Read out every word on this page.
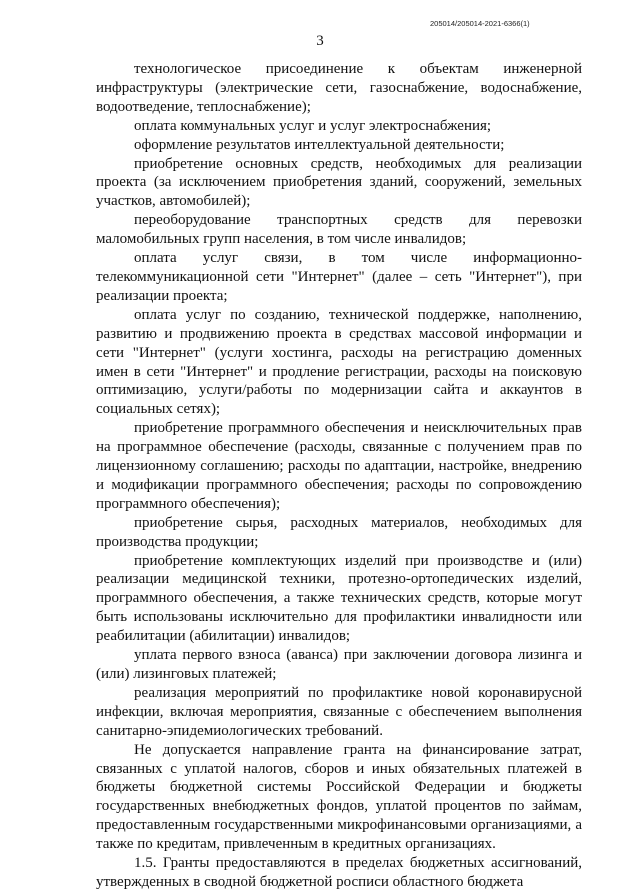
205014/205014-2021-6366(1)
3

технологическое присоединение к объектам инженерной инфраструктуры (электрические сети, газоснабжение, водоснабжение, водоотведение, теплоснабжение);

оплата коммунальных услуг и услуг электроснабжения;

оформление результатов интеллектуальной деятельности;

приобретение основных средств, необходимых для реализации проекта (за исключением приобретения зданий, сооружений, земельных участков, автомобилей);

переоборудование транспортных средств для перевозки маломобильных групп населения, в том числе инвалидов;

оплата услуг связи, в том числе информационно-телекоммуникационной сети "Интернет" (далее – сеть "Интернет"), при реализации проекта;

оплата услуг по созданию, технической поддержке, наполнению, развитию и продвижению проекта в средствах массовой информации и сети "Интернет" (услуги хостинга, расходы на регистрацию доменных имен в сети "Интернет" и продление регистрации, расходы на поисковую оптимизацию, услуги/работы по модернизации сайта и аккаунтов в социальных сетях);

приобретение программного обеспечения и неисключительных прав на программное обеспечение (расходы, связанные с получением прав по лицензионному соглашению; расходы по адаптации, настройке, внедрению и модификации программного обеспечения; расходы по сопровождению программного обеспечения);

приобретение сырья, расходных материалов, необходимых для производства продукции;

приобретение комплектующих изделий при производстве и (или) реализации медицинской техники, протезно-ортопедических изделий, программного обеспечения, а также технических средств, которые могут быть использованы исключительно для профилактики инвалидности или реабилитации (абилитации) инвалидов;

уплата первого взноса (аванса) при заключении договора лизинга и (или) лизинговых платежей;

реализация мероприятий по профилактике новой коронавирусной инфекции, включая мероприятия, связанные с обеспечением выполнения санитарно-эпидемиологических требований.

Не допускается направление гранта на финансирование затрат, связанных с уплатой налогов, сборов и иных обязательных платежей в бюджеты бюджетной системы Российской Федерации и бюджеты государственных внебюджетных фондов, уплатой процентов по займам, предоставленным государственными микрофинансовыми организациями, а также по кредитам, привлеченным в кредитных организациях.

1.5. Гранты предоставляются в пределах бюджетных ассигнований, утвержденных в сводной бюджетной росписи областного бюджета
